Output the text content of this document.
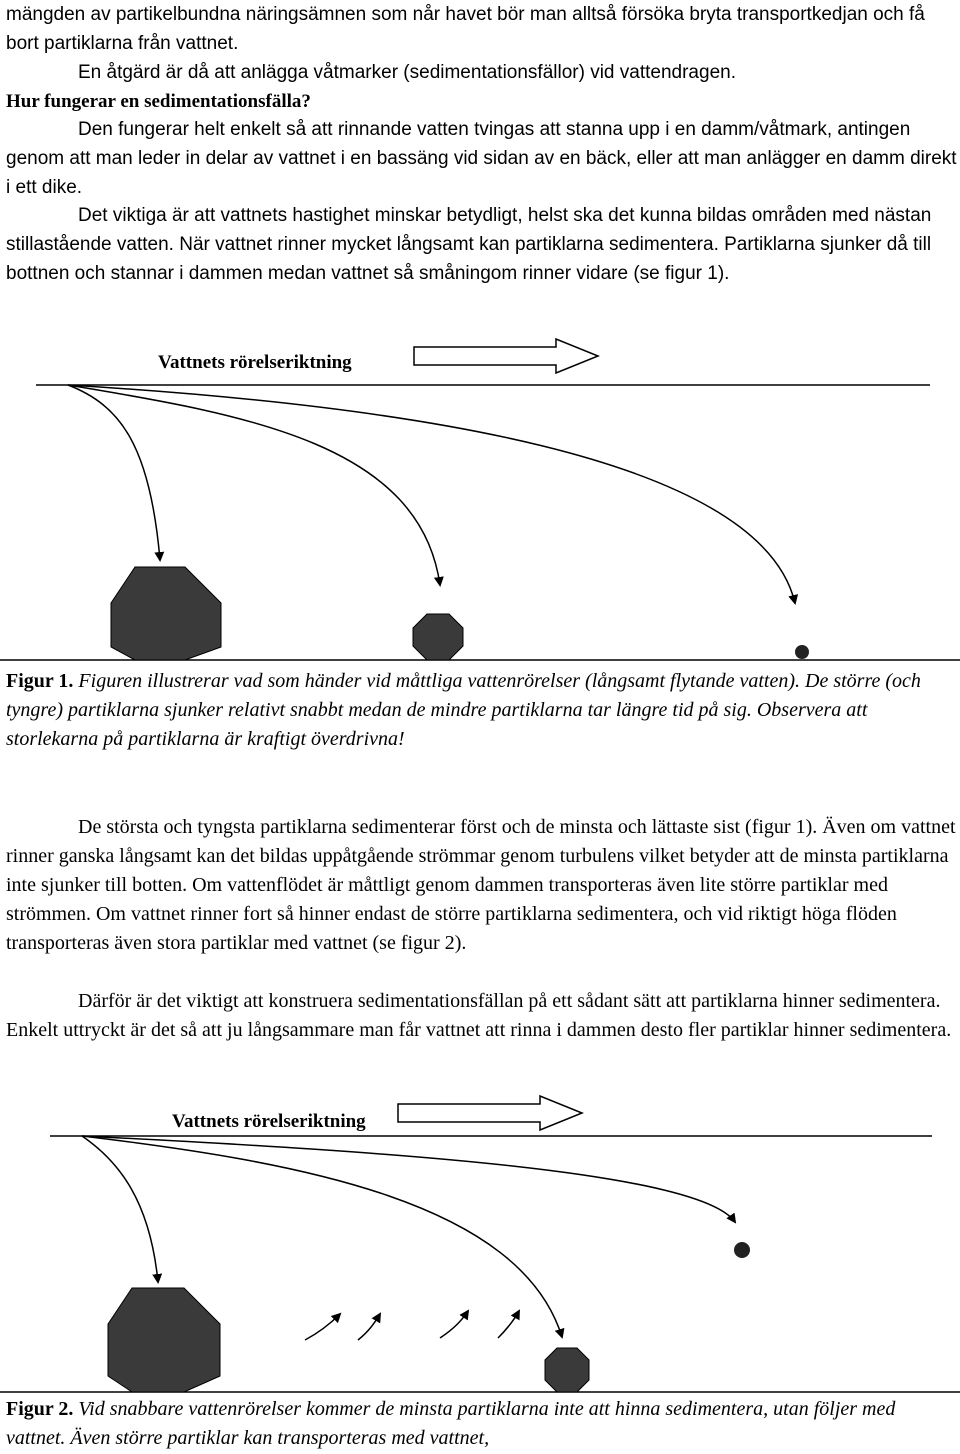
mängden av partikelbundna näringsämnen som når havet bör man alltså försöka bryta transportkedjan och få bort partiklarna från vattnet.
En åtgärd är då att anlägga våtmarker (sedimentationsfällor) vid vattendragen.
Hur fungerar en sedimentationsfälla?

Den fungerar helt enkelt så att rinnande vatten tvingas att stanna upp i en damm/våtmark, antingen genom att man leder in delar av vattnet i en bassäng vid sidan av en bäck, eller att man anlägger en damm direkt i ett dike.

Det viktiga är att vattnets hastighet minskar betydligt, helst ska det kunna bildas områden med nästan stillastående vatten. När vattnet rinner mycket långsamt kan partiklarna sedimentera. Partiklarna sjunker då till bottnen och stannar i dammen medan vattnet så småningom rinner vidare (se figur 1).

Vattnets rörelseriktning

Figur 1. Figuren illustrerar vad som händer vid måttliga vattenrörelser (långsamt flytande vatten). De större (och tyngre) partiklarna sjunker relativt snabbt medan de mindre partiklarna tar längre tid på sig. Observera att storlekarna på partiklarna är kraftigt överdrivna!

De största och tyngsta partiklarna sedimenterar först och de minsta och lättaste sist (figur 1). Även om vattnet rinner ganska långsamt kan det bildas uppåtgående strömmar genom turbulens vilket betyder att de minsta partiklarna inte sjunker till botten. Om vattenflödet är måttligt genom dammen transporteras även lite större partiklar med strömmen. Om vattnet rinner fort så hinner endast de större partiklarna sedimentera, och vid riktigt höga flöden transporteras även stora partiklar med vattnet (se figur 2).

Därför är det viktigt att konstruera sedimentationsfällan på ett sådant sätt att partiklarna hinner sedimentera. Enkelt uttryckt är det så att ju långsammare man får vattnet att rinna i dammen desto fler partiklar hinner sedimentera.

Vattnets rörelseriktning

Figur 2. Vid snabbare vattenrörelser kommer de minsta partiklarna inte att hinna sedimentera, utan följer med vattnet. Även större partiklar kan transporteras med vattnet,
